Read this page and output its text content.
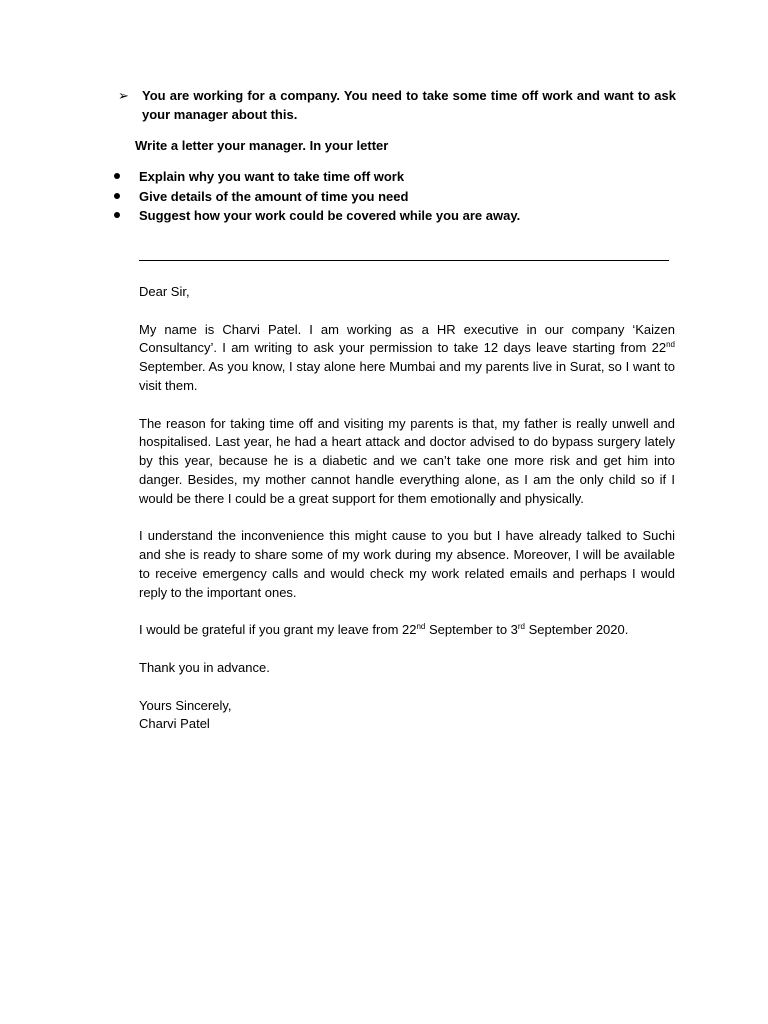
➢ You are working for a company. You need to take some time off work and want to ask your manager about this.
Write a letter your manager. In your letter
Explain why you want to take time off work
Give details of the amount of time you need
Suggest how your work could be covered while you are away.

Dear Sir,

My name is Charvi Patel. I am working as a HR executive in our company ‘Kaizen Consultancy’. I am writing to ask your permission to take 12 days leave starting from 22nd September. As you know, I stay alone here Mumbai and my parents live in Surat, so I want to visit them.

The reason for taking time off and visiting my parents is that, my father is really unwell and hospitalised. Last year, he had a heart attack and doctor advised to do bypass surgery lately by this year, because he is a diabetic and we can’t take one more risk and get him into danger. Besides, my mother cannot handle everything alone, as I am the only child so if I would be there I could be a great support for them emotionally and physically.

I understand the inconvenience this might cause to you but I have already talked to Suchi and she is ready to share some of my work during my absence. Moreover, I will be available to receive emergency calls and would check my work related emails and perhaps I would reply to the important ones.

I would be grateful if you grant my leave from 22nd September to 3rd September 2020.

Thank you in advance.

Yours Sincerely,

Charvi Patel
